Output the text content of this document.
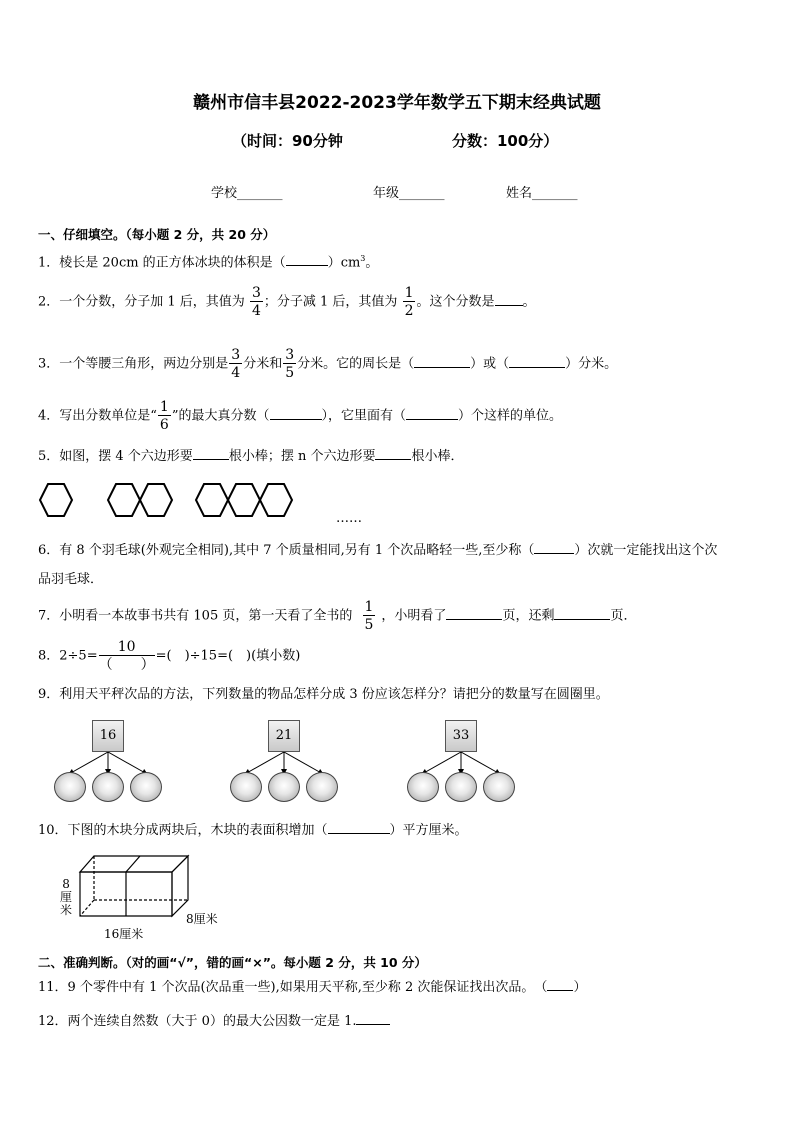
赣州市信丰县2022-2023学年数学五下期末经典试题
（时间：90分钟	分数：100分）
学校_______	年级_______	姓名_______
一、仔细填空。（每小题 2 分，共 20 分）
1．棱长是 20cm 的正方体冰块的体积是（	）$cm^3$。
2．一个分数，分子加 1 后，其值为 $\frac{3}{4}$ ；分子减 1 后，其值为 $\frac{1}{2}$ 。这个分数是 。
3．一个等腰三角形，两边分别是 $\frac{3}{4}$ 分米和 $\frac{3}{5}$ 分米。它的周长是（	）或（	）分米。
4．写出分数单位是“ $\frac{1}{6}$ ”的最大真分数（	），它里面有（	）个这样的单位。
5．如图，摆 4 个六边形要	根小棒；摆 n 个六边形要	根小棒．
……
6．有 8 个羽毛球(外观完全相同),其中 7 个质量相同,另有 1 个次品略轻一些,至少称（	）次就一定能找出这个次
品羽毛球．
7．小明看一本故事书共有 105 页，第一天看了全书的 $\frac{1}{5}$ ，小明看了	页，还剩	页．
8．$2\div 5= \frac{10}{( )}$ =(　)÷15=(　)(填小数)
9．利用天平秤次品的方法，下列数量的物品怎样分成 3 份应该怎样分？请把分的数量写在圆圈里。
16	21	33
10．下图的木块分成两块后，木块的表面积增加（	）平方厘米。
8
厘
米
8厘米
16厘米
二、准确判断。（对的画“√”，错的画“×”。每小题 2 分，共 10 分）
11．9 个零件中有 1 个次品(次品重一些),如果用天平称,至少称 2 次能保证找出次品。　（ ）
12．两个连续自然数（大于 0）的最大公因数一定是 1.
